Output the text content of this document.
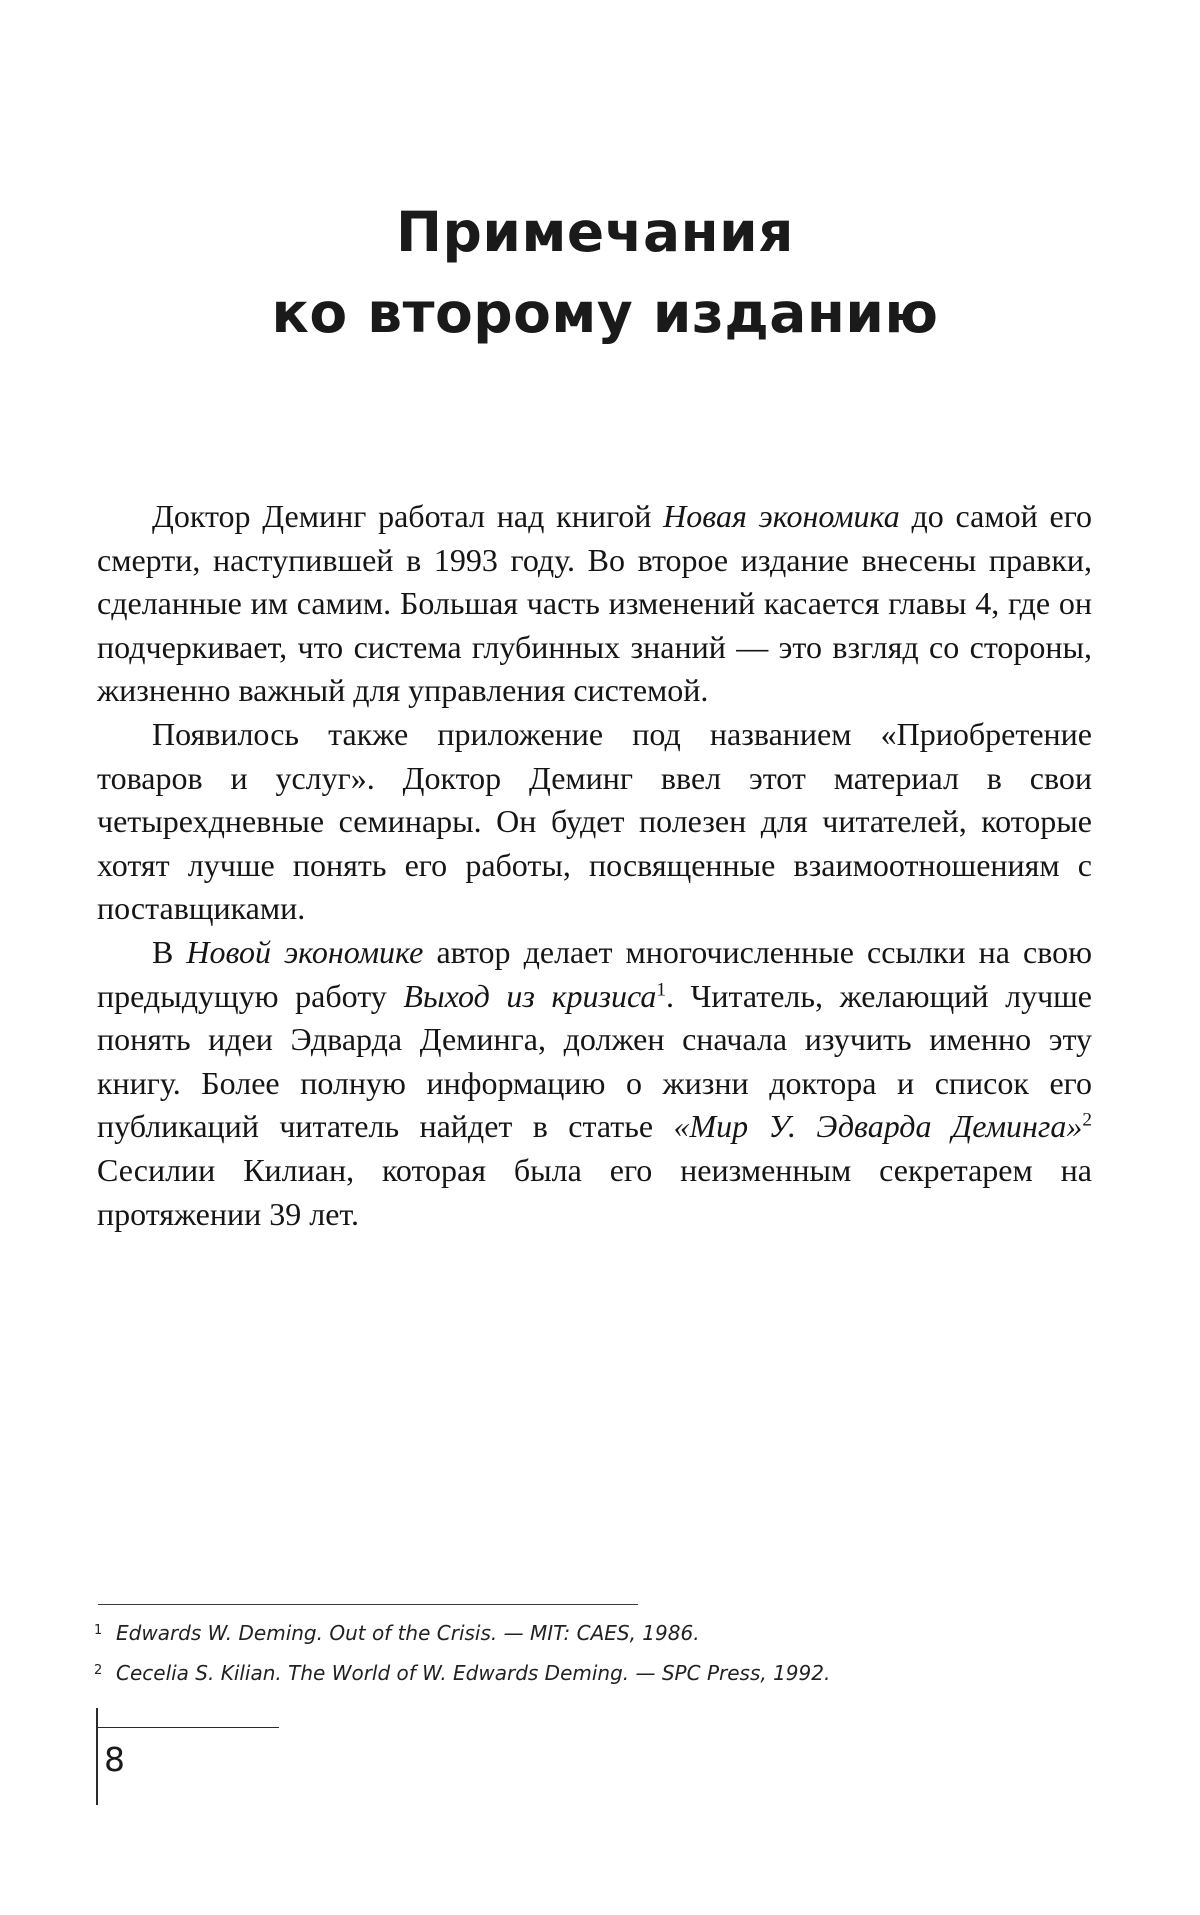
Примечания
ко второму изданию

Доктор Деминг работал над книгой Новая экономика до самой его смерти, наступившей в 1993 году. Во второе издание внесены правки, сделанные им самим. Большая часть изменений касается главы 4, где он подчеркивает, что система глубинных знаний — это взгляд со стороны, жизненно важный для управления системой.

Появилось также приложение под названием «Приобретение товаров и услуг». Доктор Деминг ввел этот материал в свои четырехдневные семинары. Он будет полезен для читателей, которые хотят лучше понять его работы, посвященные взаимоотношениям с поставщиками.

В Новой экономике автор делает многочисленные ссылки на свою предыдущую работу Выход из кризиса$^1$. Читатель, желающий лучше понять идеи Эдварда Деминга, должен сначала изучить именно эту книгу. Более полную информацию о жизни доктора и список его публикаций читатель найдет в статье «Мир У. Эдварда Деминга»$^2$ Сесилии Килиан, которая была его неизменным секретарем на протяжении 39 лет.

1 Edwards W. Deming. Out of the Crisis. — MIT: CAES, 1986.
2 Cecelia S. Kilian. The World of W. Edwards Deming. — SPC Press, 1992.
8
